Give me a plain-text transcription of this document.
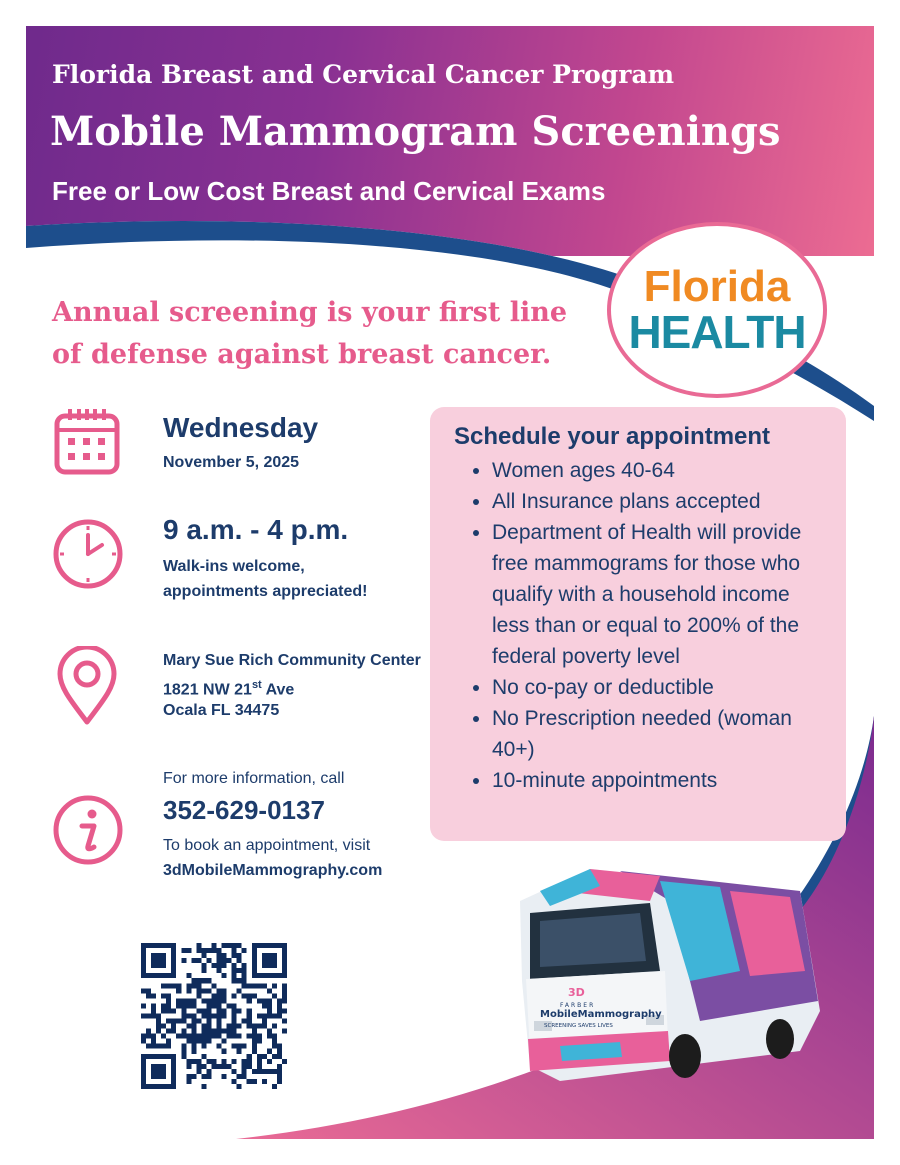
Florida Breast and Cervical Cancer Program
Mobile Mammogram Screenings
Free or Low Cost Breast and Cervical Exams
Florida
HEALTH
Annual screening is your first line of defense against breast cancer.
Wednesday
November 5, 2025
9 a.m. - 4 p.m.
Walk-ins welcome,
appointments appreciated!
Mary Sue Rich Community Center
1821 NW 21st Ave
Ocala FL 34475
For more information, call
352-629-0137
To book an appointment, visit
3dMobileMammography.com
Schedule your appointment
• Women ages 40-64
• All Insurance plans accepted
• Department of Health will provide free mammograms for those who qualify with a household income less than or equal to 200% of the federal poverty level
• No co-pay or deductible
• No Prescription needed (woman 40+)
• 10-minute appointments
3D
FARBER
MobileMammography
SCREENING SAVES LIVES
